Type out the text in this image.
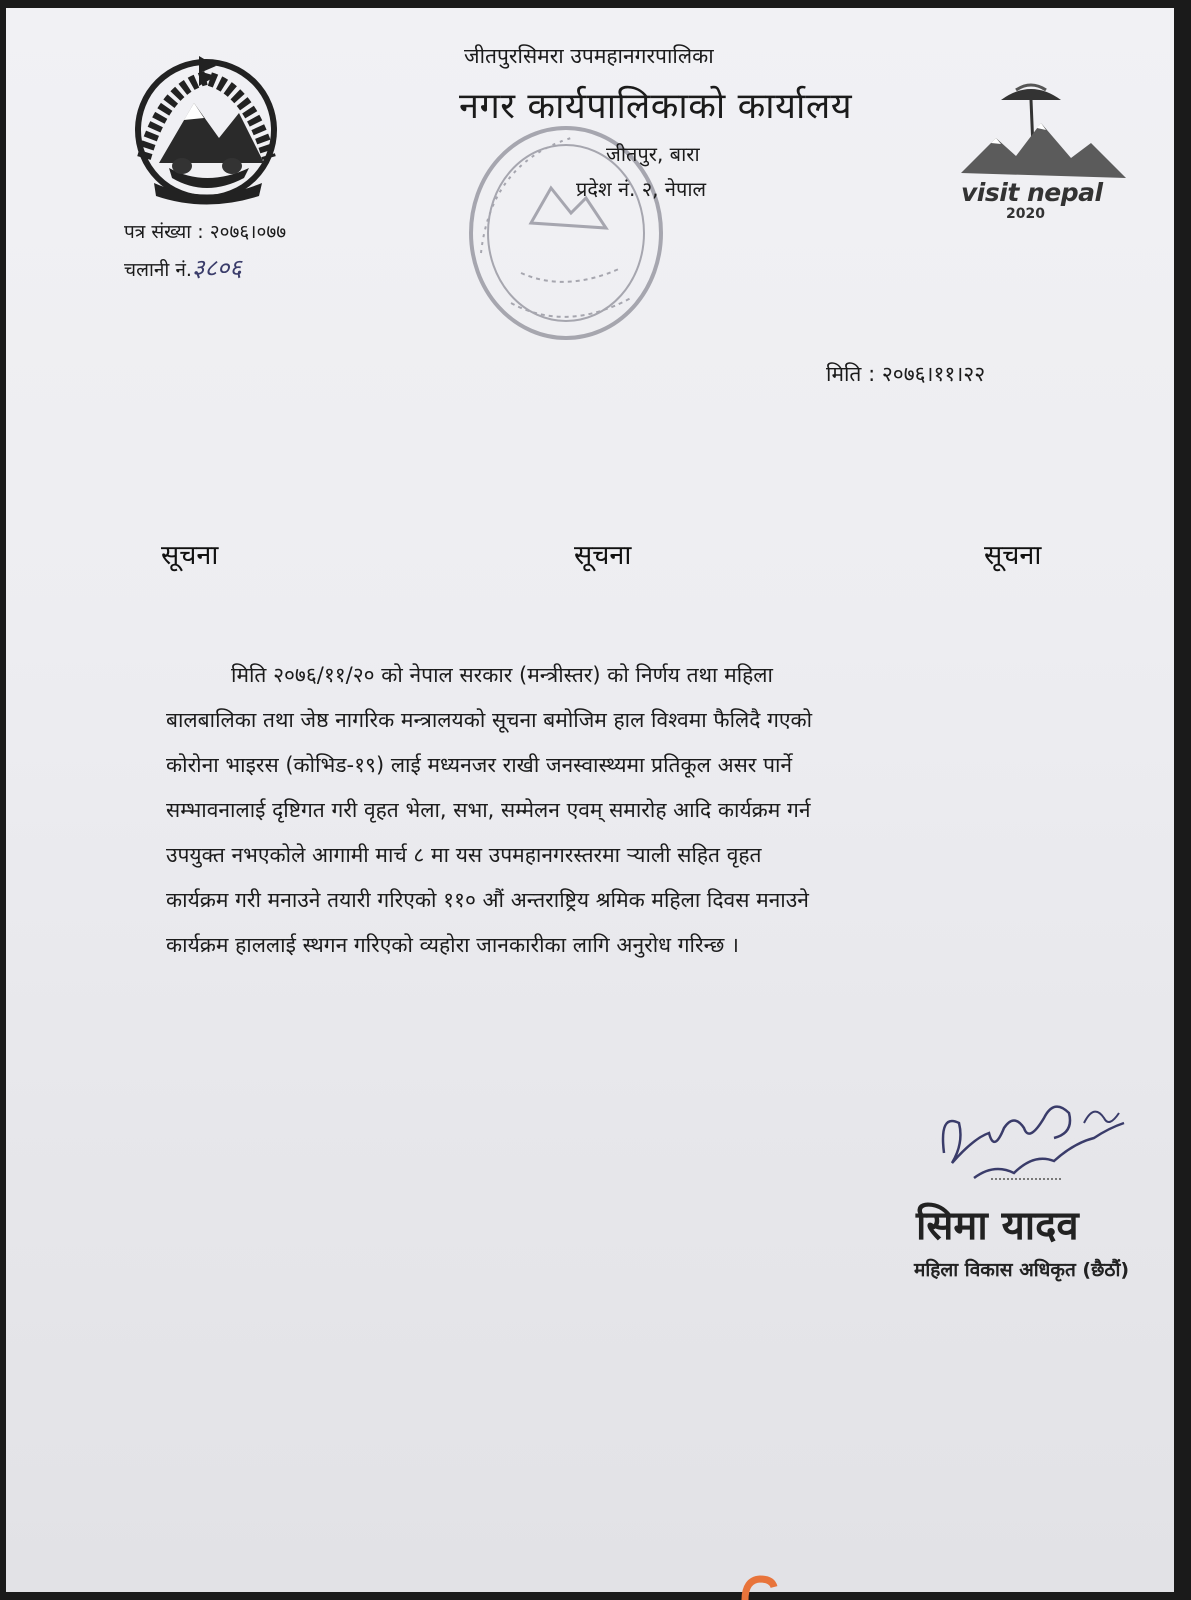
जीतपुरसिमरा उपमहानगरपालिका
नगर कार्यपालिकाको कार्यालय
जीतपुर, बारा
प्रदेश नं. २, नेपाल	visit nepal
2020
पत्र संख्या : २०७६।०७७
चलानी नं.३८०६
मिति : २०७६।११।२२
सूचना	सूचना	सूचना
मिति २०७६/११/२० को नेपाल सरकार (मन्त्रीस्तर) को निर्णय तथा महिला
बालबालिका तथा जेष्ठ नागरिक मन्त्रालयको सूचना बमोजिम हाल विश्वमा फैलिदै गएको
कोरोना भाइरस (कोभिड-१९) लाई मध्यनजर राखी जनस्वास्थ्यमा प्रतिकूल असर पार्ने
सम्भावनालाई दृष्टिगत गरी वृहत भेला, सभा, सम्मेलन एवम् समारोह आदि कार्यक्रम गर्न
उपयुक्त नभएकोले आगामी मार्च ८ मा यस उपमहानगरस्तरमा र्‍याली सहित वृहत
कार्यक्रम गरी मनाउने तयारी गरिएको ११० औं अन्तराष्ट्रिय श्रमिक महिला दिवस मनाउने
कार्यक्रम हाललाई स्थगन गरिएको व्यहोरा जानकारीका लागि अनुरोध गरिन्छ ।
सिमा यादव
महिला विकास अधिकृत (छैठौं)
